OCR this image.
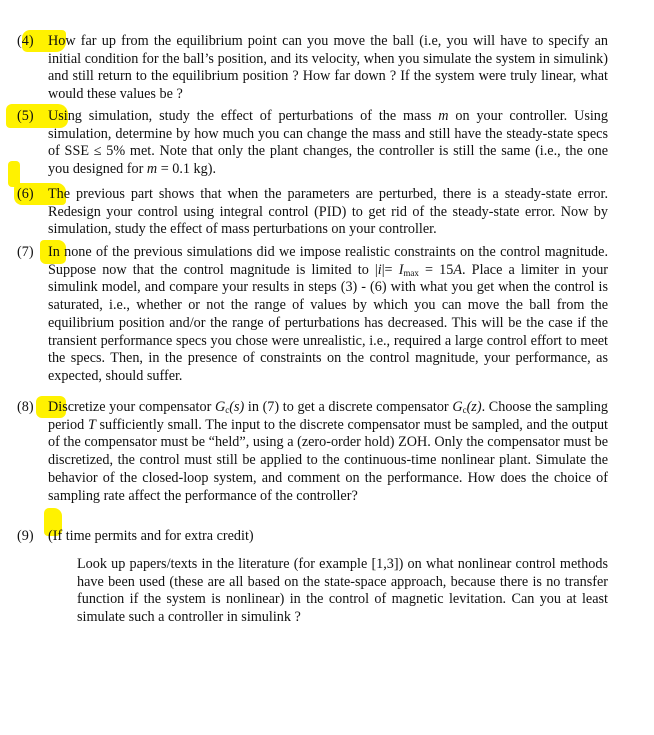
(4)	How far up from the equilibrium point can you move the ball (i.e, you will have to specify an initial condition for the ball’s position, and its velocity, when you simulate the system in simulink) and still return to the equilibrium position ? How far down ? If the system were truly linear, what would these values be ?
(5)	Using simulation, study the effect of perturbations of the mass m on your controller. Using simulation, determine by how much you can change the mass and still have the steady-state specs of SSE ≤ 5% met. Note that only the plant changes, the controller is still the same (i.e., the one you designed for m = 0.1 kg).
(6)	The previous part shows that when the parameters are perturbed, there is a steady-state error. Redesign your control using integral control (PID) to get rid of the steady-state error. Now by simulation, study the effect of mass perturbations on your controller.
(7)	In none of the previous simulations did we impose realistic constraints on the control magnitude. Suppose now that the control magnitude is limited to $|i|= I_{max} = 15A$. Place a limiter in your simulink model, and compare your results in steps (3) - (6) with what you get when the control is saturated, i.e., whether or not the range of values by which you can move the ball from the equilibrium position and/or the range of perturbations has decreased. This will be the case if the transient performance specs you chose were unrealistic, i.e., required a large control effort to meet the specs. Then, in the presence of constraints on the control magnitude, your performance, as expected, should suffer.
(8)	Discretize your compensator $G_c(s)$ in (7) to get a discrete compensator $G_c(z)$. Choose the sampling period T sufficiently small. The input to the discrete compensator must be sampled, and the output of the compensator must be “held”, using a (zero-order hold) ZOH. Only the compensator must be discretized, the control must still be applied to the continuous-time nonlinear plant. Simulate the behavior of the closed-loop system, and comment on the performance. How does the choice of sampling rate affect the performance of the controller?
(9)	(If time permits and for extra credit)
Look up papers/texts in the literature (for example [1,3]) on what nonlinear control methods have been used (these are all based on the state-space approach, because there is no transfer function if the system is nonlinear) in the control of magnetic levitation. Can you at least simulate such a controller in simulink ?
